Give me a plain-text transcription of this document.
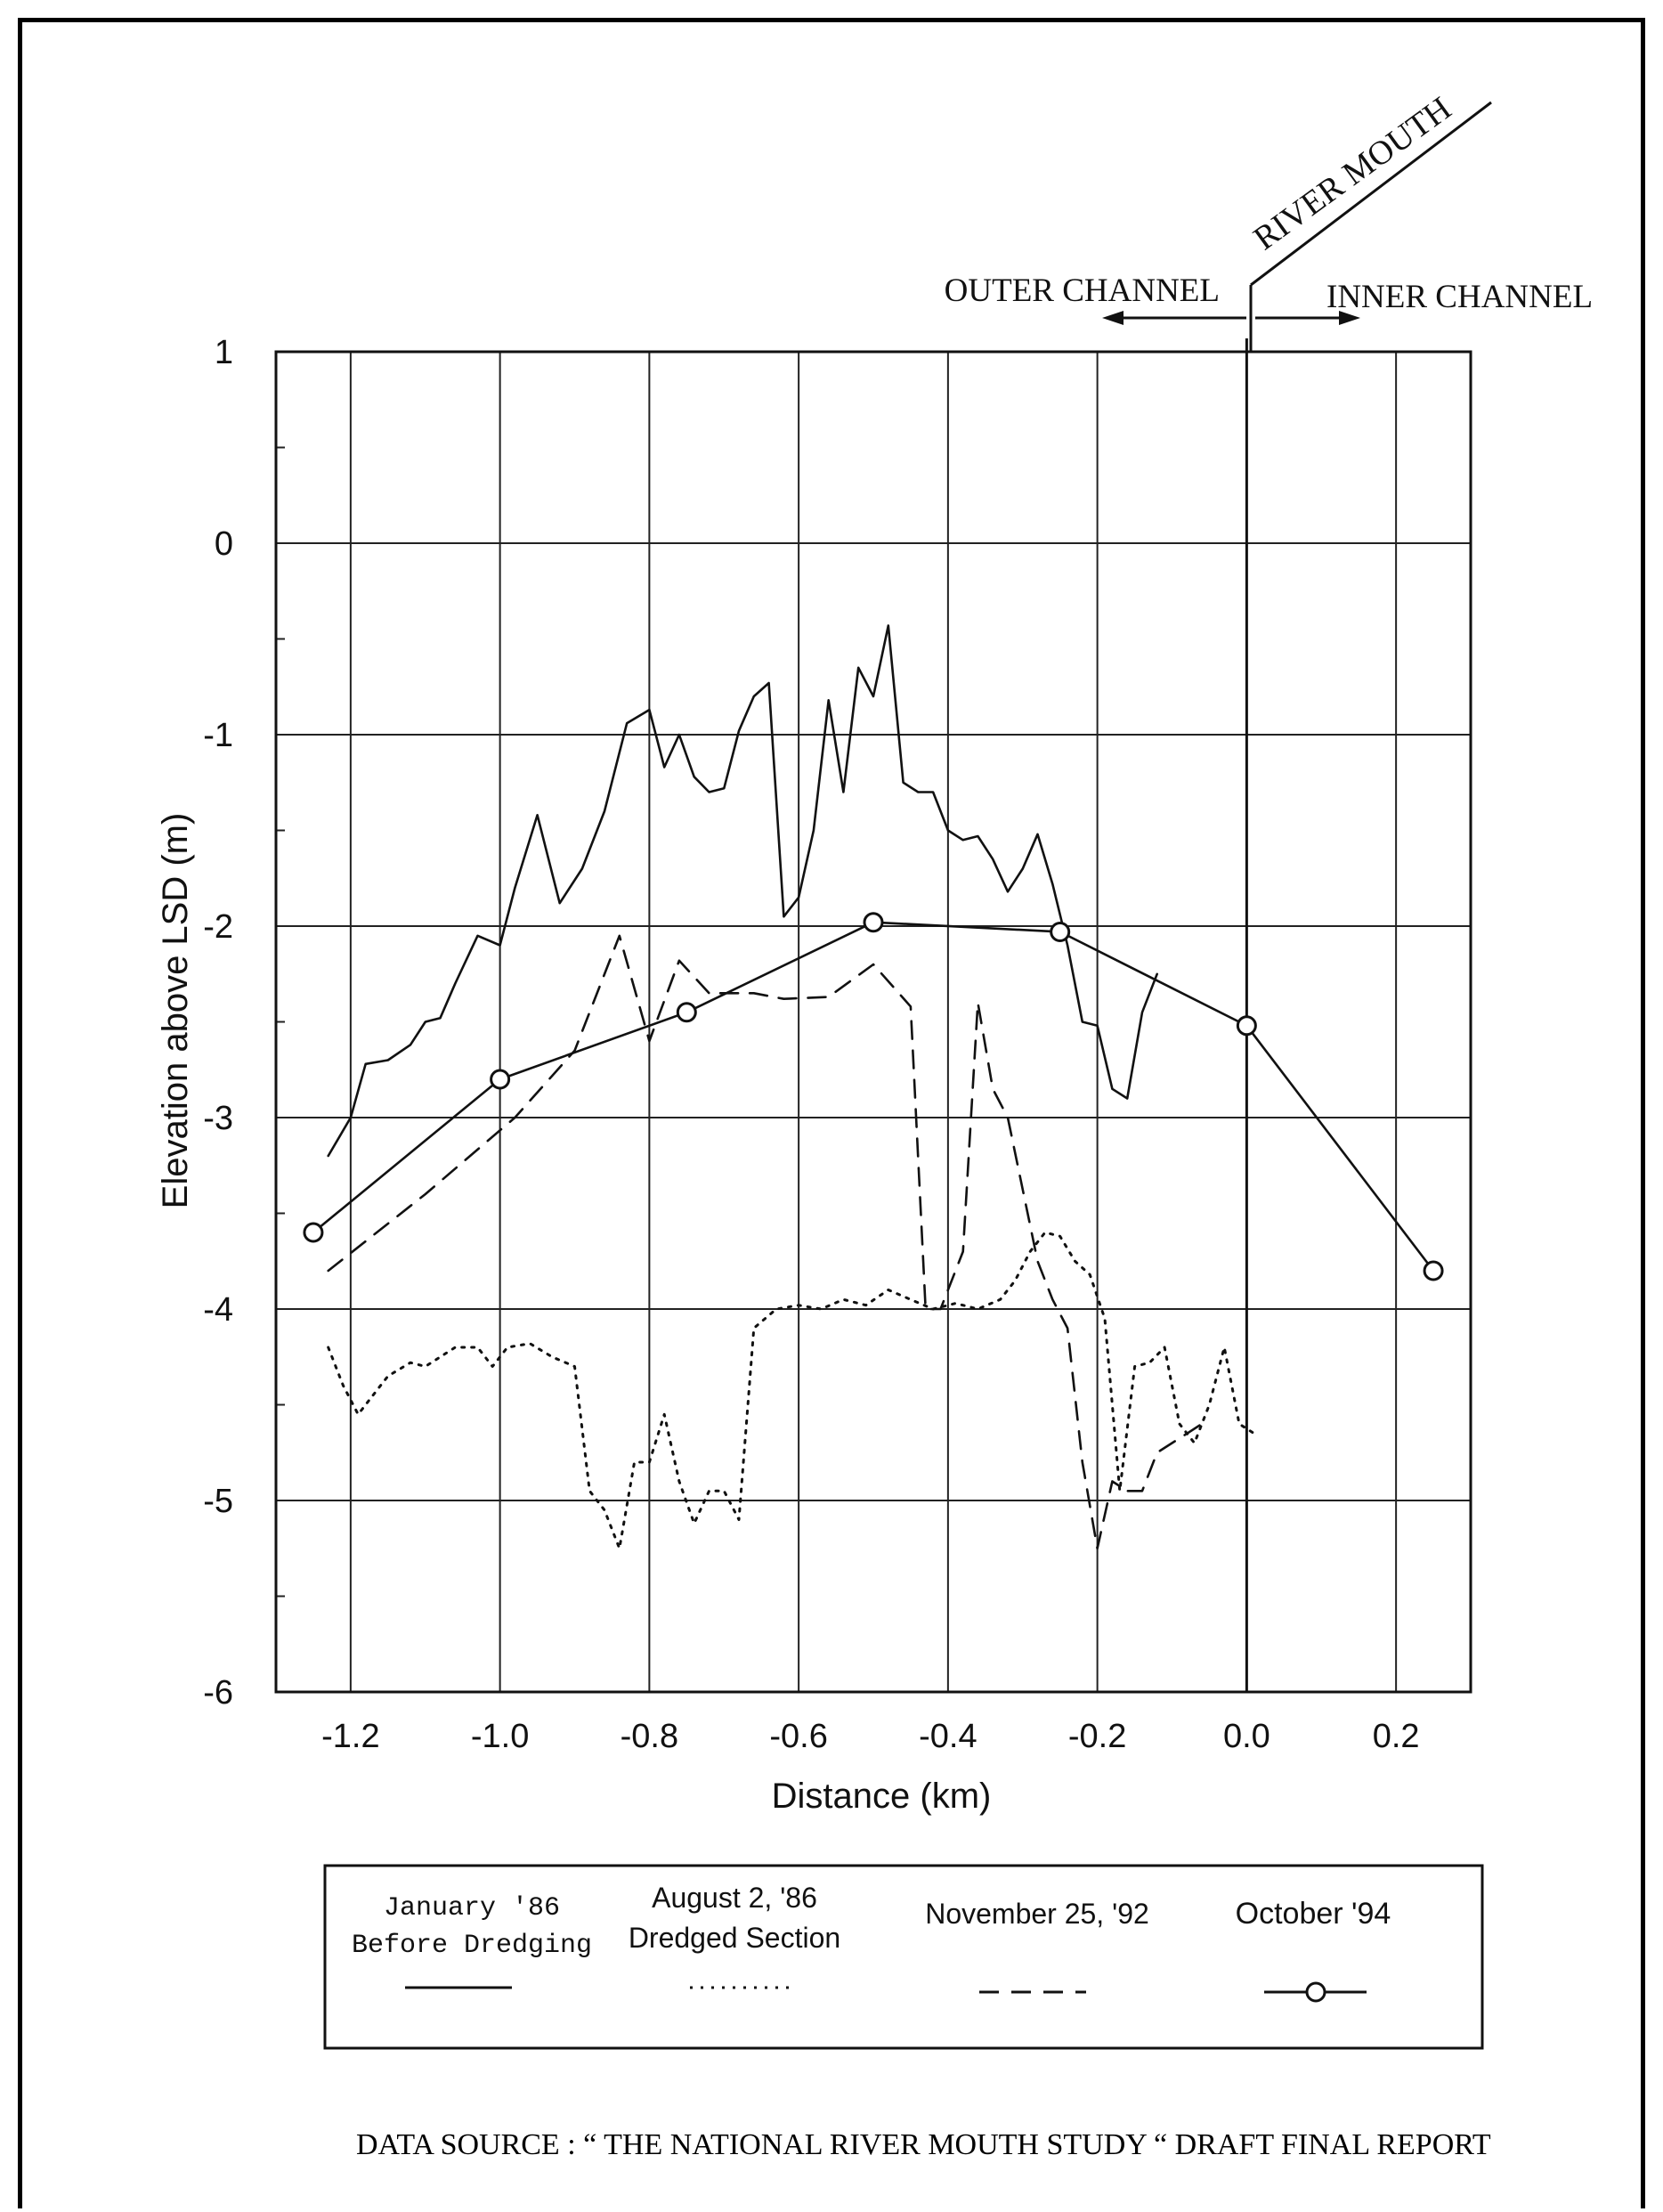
-1.2	-1.0	-0.8	-0.6	-0.4	-0.2	0.0	0.2
1
0
-1
-2
-3
-4
-5
-6
Distance (km)
Elevation above LSD (m)
RIVER MOUTH
OUTER CHANNEL	INNER CHANNEL
January '86
Before Dredging
August 2, '86
Dredged Section
November 25, '92	October '94
DATA SOURCE : “ THE NATIONAL RIVER MOUTH STUDY “ DRAFT FINAL REPORT
